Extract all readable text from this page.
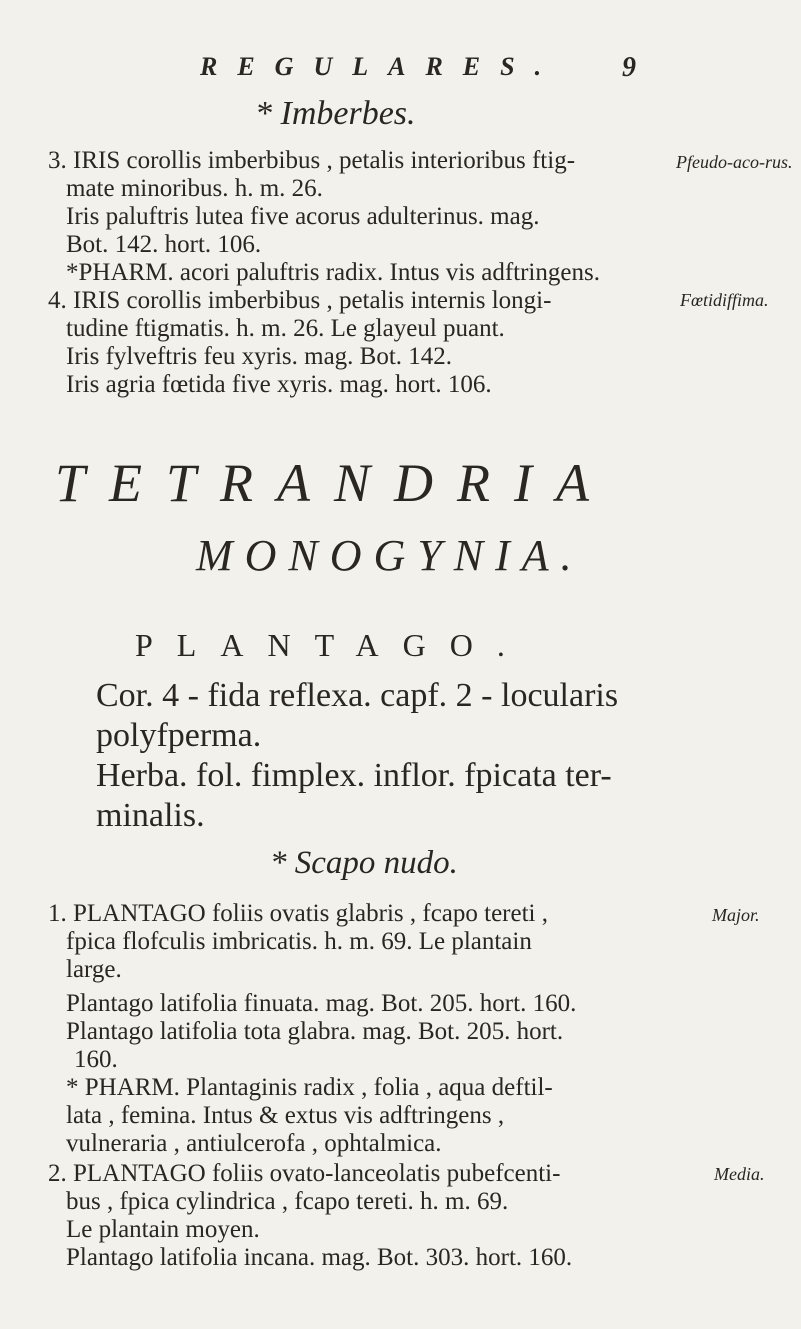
REGULARES.	9
* Imberbes.
3. IRIS corollis imberbibus , petalis interioribus ftig-
mate minoribus. h. m. 26.
Iris paluftris lutea five acorus adulterinus. mag.
Bot. 142. hort. 106.
*PHARM. acori paluftris radix. Intus vis adftringens.
Pfeudo-aco-rus.
4. IRIS corollis imberbibus , petalis internis longi-
tudine ftigmatis. h. m. 26. Le glayeul puant.
Iris fylveftris feu xyris. mag. Bot. 142.
Iris agria fœtida five xyris. mag. hort. 106.
Fœtidiffima.
TETRANDRIA
MONOGYNIA.
PLANTAGO.
Cor. 4 - fida reflexa. capf. 2 - locularis
polyfperma.
Herba. fol. fimplex. inflor. fpicata ter-
minalis.
* Scapo nudo.
1. PLANTAGO foliis ovatis glabris , fcapo tereti ,
fpica flofculis imbricatis. h. m. 69. Le plantain
large.
Plantago latifolia finuata. mag. Bot. 205. hort. 160.
Plantago latifolia tota glabra. mag. Bot. 205. hort.
160.
* PHARM. Plantaginis radix , folia , aqua deftil-
lata , femina. Intus & extus vis adftringens ,
vulneraria , antiulcerofa , ophtalmica.
Major.
2. PLANTAGO foliis ovato-lanceolatis pubefcenti-
bus , fpica cylindrica , fcapo tereti. h. m. 69.
Le plantain moyen.
Plantago latifolia incana. mag. Bot. 303. hort. 160.
Media.
